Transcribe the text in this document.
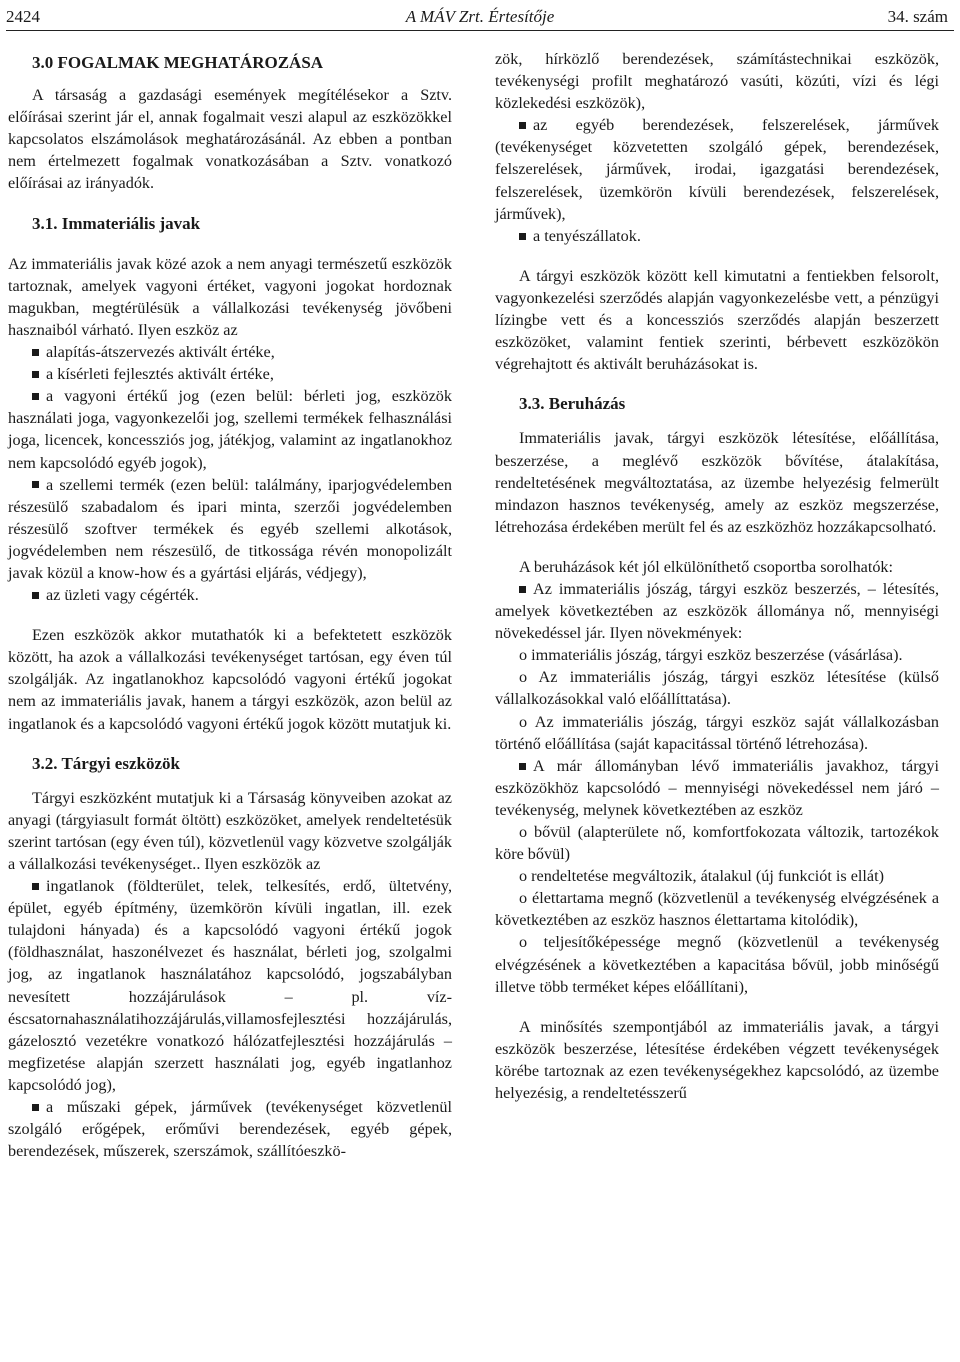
2424	A MÁV Zrt. Értesítője	34. szám
3.0 FOGALMAK MEGHATÁROZÁSA

A társaság a gazdasági események megítélésekor a Sztv. előírásai szerint jár el, annak fogalmait veszi alapul az eszközökkel kapcsolatos elszámolások meghatározásánál. Az ebben a pontban nem értelmezett fogalmak vonatkozásában a Sztv. vonatkozó előírásai az irányadók.

3.1. Immateriális javak

Az immateriális javak közé azok a nem anyagi természetű eszközök tartoznak, amelyek vagyoni értéket, vagyoni jogokat hordoznak magukban, megtérülésük a vállalkozási tevékenység jövőbeni hasznaiból várható. Ilyen eszköz az

alapítás-átszervezés aktivált értéke,

a kísérleti fejlesztés aktivált értéke,

a vagyoni értékű jog (ezen belül: bérleti jog, eszközök használati joga, vagyonkezelői jog, szellemi termékek felhasználási joga, licencek, koncessziós jog, játékjog, valamint az ingatlanokhoz nem kapcsolódó egyéb jogok),

a szellemi termék (ezen belül: találmány, iparjogvédelemben részesülő szabadalom és ipari minta, szerzői jogvédelemben részesülő szoftver termékek és egyéb szellemi alkotások, jogvédelemben nem részesülő, de titkossága révén monopolizált javak közül a know-how és a gyártási eljárás, védjegy),

az üzleti vagy cégérték.

Ezen eszközök akkor mutathatók ki a befektetett eszközök között, ha azok a vállalkozási tevékenységet tartósan, egy éven túl szolgálják. Az ingatlanokhoz kapcsolódó vagyoni értékű jogokat nem az immateriális javak, hanem a tárgyi eszközök, azon belül az ingatlanok és a kapcsolódó vagyoni értékű jogok között mutatjuk ki.

3.2. Tárgyi eszközök

Tárgyi eszközként mutatjuk ki a Társaság könyveiben azokat az anyagi (tárgyiasult formát öltött) eszközöket, amelyek rendeltetésük szerint tartósan (egy éven túl), közvetlenül vagy közvetve szolgálják a vállalkozási tevékenységet.. Ilyen eszközök az

ingatlanok (földterület, telek, telkesítés, erdő, ültetvény, épület, egyéb építmény, üzemkörön kívüli ingatlan, ill. ezek tulajdoni hányada) és a kapcsolódó vagyoni értékű jogok (földhasználat, haszonélvezet és használat, bérleti jog, szolgalmi jog, az ingatlanok használatához kapcsolódó, jogszabályban nevesített hozzájárulások – pl. víz-éscsatornahasználatihozzájárulás,villamosfejlesztési hozzájárulás, gázelosztó vezetékre vonatkozó hálózatfejlesztési hozzájárulás – megfizetése alapján szerzett használati jog, egyéb ingatlanhoz kapcsolódó jog),

a műszaki gépek, járművek (tevékenységet közvetlenül szolgáló erőgépek, erőművi berendezések, egyéb gépek, berendezések, műszerek, szerszámok, szállítóeszkö-

zök, hírközlő berendezések, számítástechnikai eszközök, tevékenységi profilt meghatározó vasúti, közúti, vízi és légi közlekedési eszközök),

az egyéb berendezések, felszerelések, járművek (tevékenységet közvetetten szolgáló gépek, berendezések, felszerelések, járművek, irodai, igazgatási berendezések, felszerelések, üzemkörön kívüli berendezések, felszerelések, járművek),

a tenyészállatok.

A tárgyi eszközök között kell kimutatni a fentiekben felsorolt, vagyonkezelési szerződés alapján vagyonkezelésbe vett, a pénzügyi lízingbe vett és a koncessziós szerződés alapján beszerzett eszközöket, valamint fentiek szerinti, bérbevett eszközökön végrehajtott és aktivált beruházásokat is.

3.3. Beruházás

Immateriális javak, tárgyi eszközök létesítése, előállítása, beszerzése, a meglévő eszközök bővítése, átalakítása, rendeltetésének megváltoztatása, az üzembe helyezésig felmerült mindazon hasznos tevékenység, amely az eszköz megszerzése, létrehozása érdekében merült fel és az eszközhöz hozzákapcsolható.

A beruházások két jól elkülöníthető csoportba sorolhatók:

Az immateriális jószág, tárgyi eszköz beszerzés, – létesítés, amelyek következtében az eszközök állománya nő, mennyiségi növekedéssel jár. Ilyen növekmények:

o immateriális jószág, tárgyi eszköz beszerzése (vásárlása).

o Az immateriális jószág, tárgyi eszköz létesítése (külső vállalkozásokkal való előállíttatása).

o Az immateriális jószág, tárgyi eszköz saját vállalkozásban történő előállítása (saját kapacitással történő létrehozása).

A már állományban lévő immateriális javakhoz, tárgyi eszközökhöz kapcsolódó – mennyiségi növekedéssel nem járó – tevékenység, melynek következtében az eszköz

o bővül (alapterülete nő, komfortfokozata változik, tartozékok köre bővül)

o rendeltetése megváltozik, átalakul (új funkciót is ellát)

o élettartama megnő (közvetlenül a tevékenység elvégzésének a következtében az eszköz hasznos élettartama kitolódik),

o teljesítőképessége megnő (közvetlenül a tevékenység elvégzésének a következtében a kapacitása bővül, jobb minőségű illetve több terméket képes előállítani),

A minősítés szempontjából az immateriális javak, a tárgyi eszközök beszerzése, létesítése érdekében végzett tevékenységek körébe tartoznak az ezen tevékenységekhez kapcsolódó, az üzembe helyezésig, a rendeltetésszerű
